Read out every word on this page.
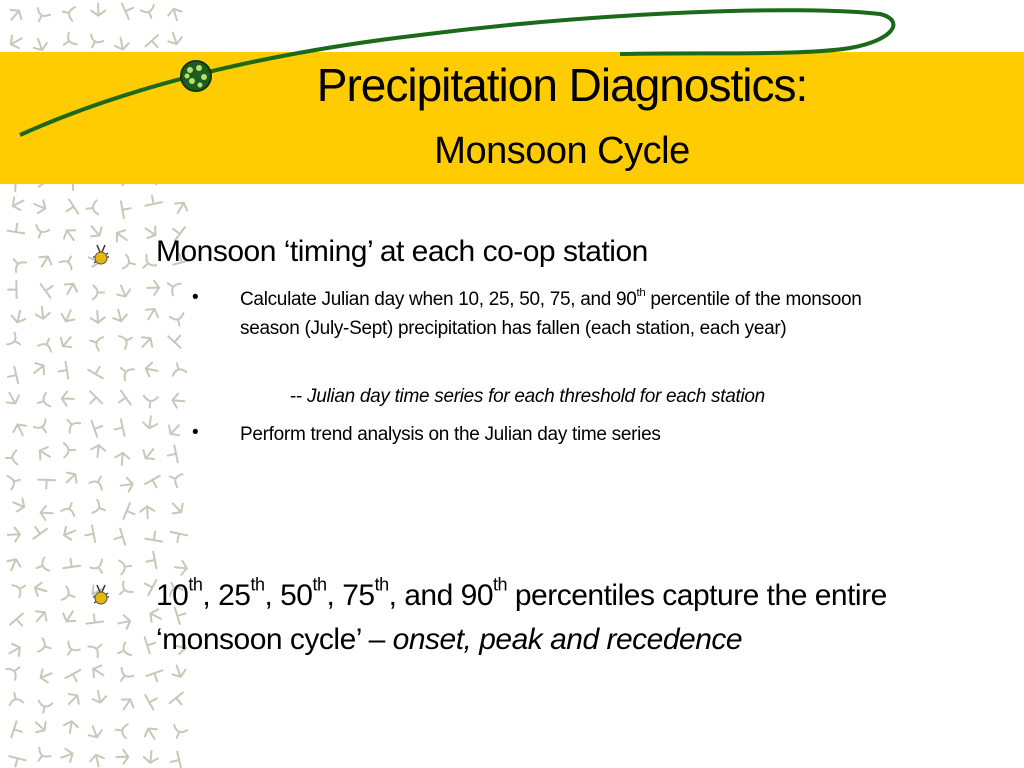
Precipitation Diagnostics:
Monsoon Cycle
Monsoon ‘timing’ at each co-op station
• Calculate Julian day when 10, 25, 50, 75, and 90th percentile of the monsoon season (July-Sept) precipitation has fallen (each station, each year)
-- Julian day time series for each threshold for each station
• Perform trend analysis on the Julian day time series
10th, 25th, 50th, 75th, and 90th percentiles capture the entire ‘monsoon cycle’ – onset, peak and recedence
